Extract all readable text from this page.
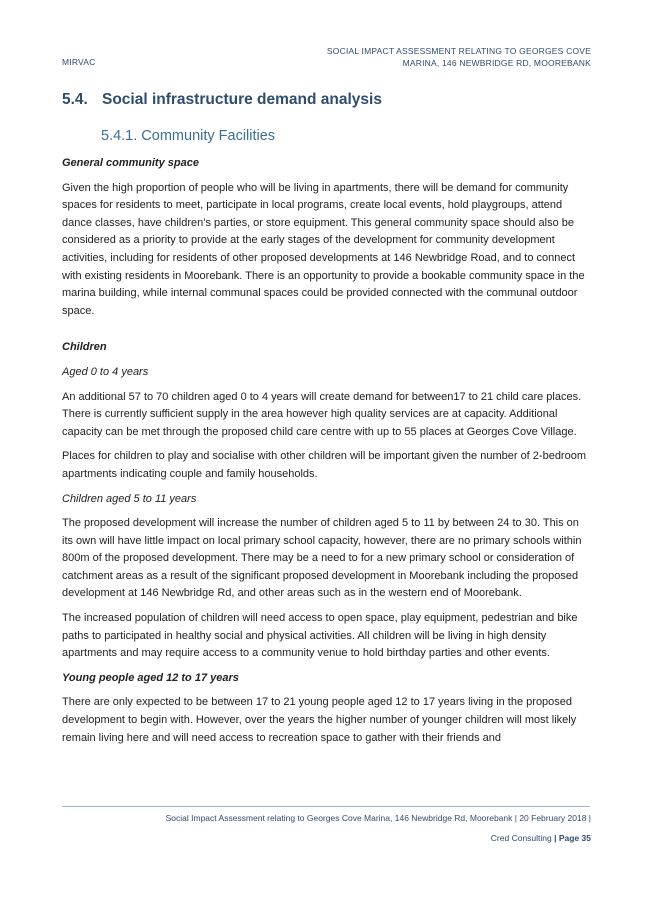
MIRVAC
SOCIAL IMPACT ASSESSMENT RELATING TO GEORGES COVE
MARINA, 146 NEWBRIDGE RD, MOOREBANK
5.4. Social infrastructure demand analysis
5.4.1. Community Facilities
General community space

Given the high proportion of people who will be living in apartments, there will be demand for community spaces for residents to meet, participate in local programs, create local events, hold playgroups, attend dance classes, have children’s parties, or store equipment. This general community space should also be considered as a priority to provide at the early stages of the development for community development activities, including for residents of other proposed developments at 146 Newbridge Road, and to connect with existing residents in Moorebank. There is an opportunity to provide a bookable community space in the marina building, while internal communal spaces could be provided connected with the communal outdoor space.

Children
Aged 0 to 4 years

An additional 57 to 70 children aged 0 to 4 years will create demand for between17 to 21 child care places. There is currently sufficient supply in the area however high quality services are at capacity. Additional capacity can be met through the proposed child care centre with up to 55 places at Georges Cove Village.

Places for children to play and socialise with other children will be important given the number of 2-bedroom apartments indicating couple and family households.

Children aged 5 to 11 years

The proposed development will increase the number of children aged 5 to 11 by between 24 to 30. This on its own will have little impact on local primary school capacity, however, there are no primary schools within 800m of the proposed development. There may be a need to for a new primary school or consideration of catchment areas as a result of the significant proposed development in Moorebank including the proposed development at 146 Newbridge Rd, and other areas such as in the western end of Moorebank.

The increased population of children will need access to open space, play equipment, pedestrian and bike paths to participated in healthy social and physical activities. All children will be living in high density apartments and may require access to a community venue to hold birthday parties and other events.

Young people aged 12 to 17 years

There are only expected to be between 17 to 21 young people aged 12 to 17 years living in the proposed development to begin with. However, over the years the higher number of younger children will most likely remain living here and will need access to recreation space to gather with their friends and

Social Impact Assessment relating to Georges Cove Marina, 146 Newbridge Rd, Moorebank | 20 February 2018 |
Cred Consulting | Page 35
